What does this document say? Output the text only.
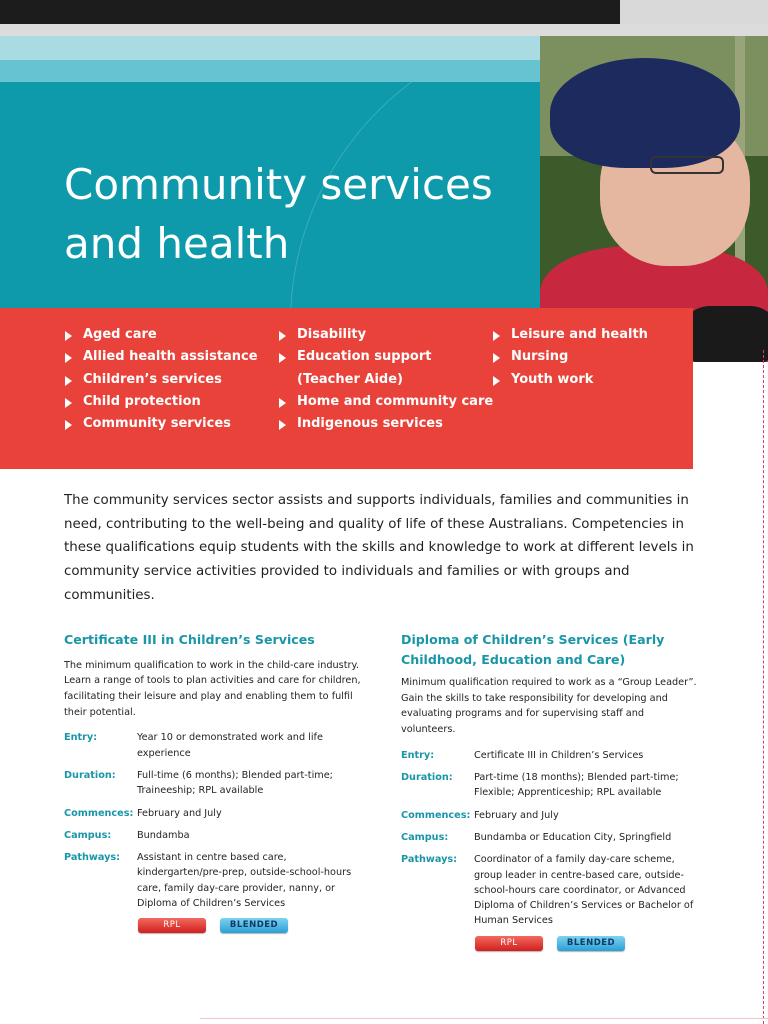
Community services
and health
Aged care
Allied health assistance
Children’s services
Child protection
Community services
Disability
Education support
(Teacher Aide)
Home and community care
Indigenous services
Leisure and health
Nursing
Youth work

The community services sector assists and supports individuals, families and communities in need, contributing to the well-being and quality of life of these Australians. Competencies in these qualifications equip students with the skills and knowledge to work at different levels in community service activities provided to individuals and families or with groups and communities.

Certificate III in Children’s Services

The minimum qualification to work in the child-care industry. Learn a range of tools to plan activities and care for children, facilitating their leisure and play and enabling them to fulfil their potential.

Entry:	Year 10 or demonstrated work and life experience
Duration:	Full-time (6 months); Blended part-time; Traineeship; RPL available
Commences: February and July
Campus:	Bundamba
Pathways:	Assistant in centre based care, kindergarten/pre-prep, outside-school-hours care, family day-care provider, nanny, or Diploma of Children’s Services
RPL	BLENDED
Diploma of Children’s Services (Early Childhood, Education and Care)

Minimum qualification required to work as a “Group Leader”. Gain the skills to take responsibility for developing and evaluating programs and for supervising staff and volunteers.

Entry:	Certificate III in Children’s Services
Duration:	Part-time (18 months); Blended part-time; Flexible; Apprenticeship; RPL available
Commences: February and July
Campus:	Bundamba or Education City, Springfield
Pathways:	Coordinator of a family day-care scheme, group leader in centre-based care, outside-school-hours care coordinator, or Advanced Diploma of Children’s Services or Bachelor of Human Services
RPL	BLENDED
